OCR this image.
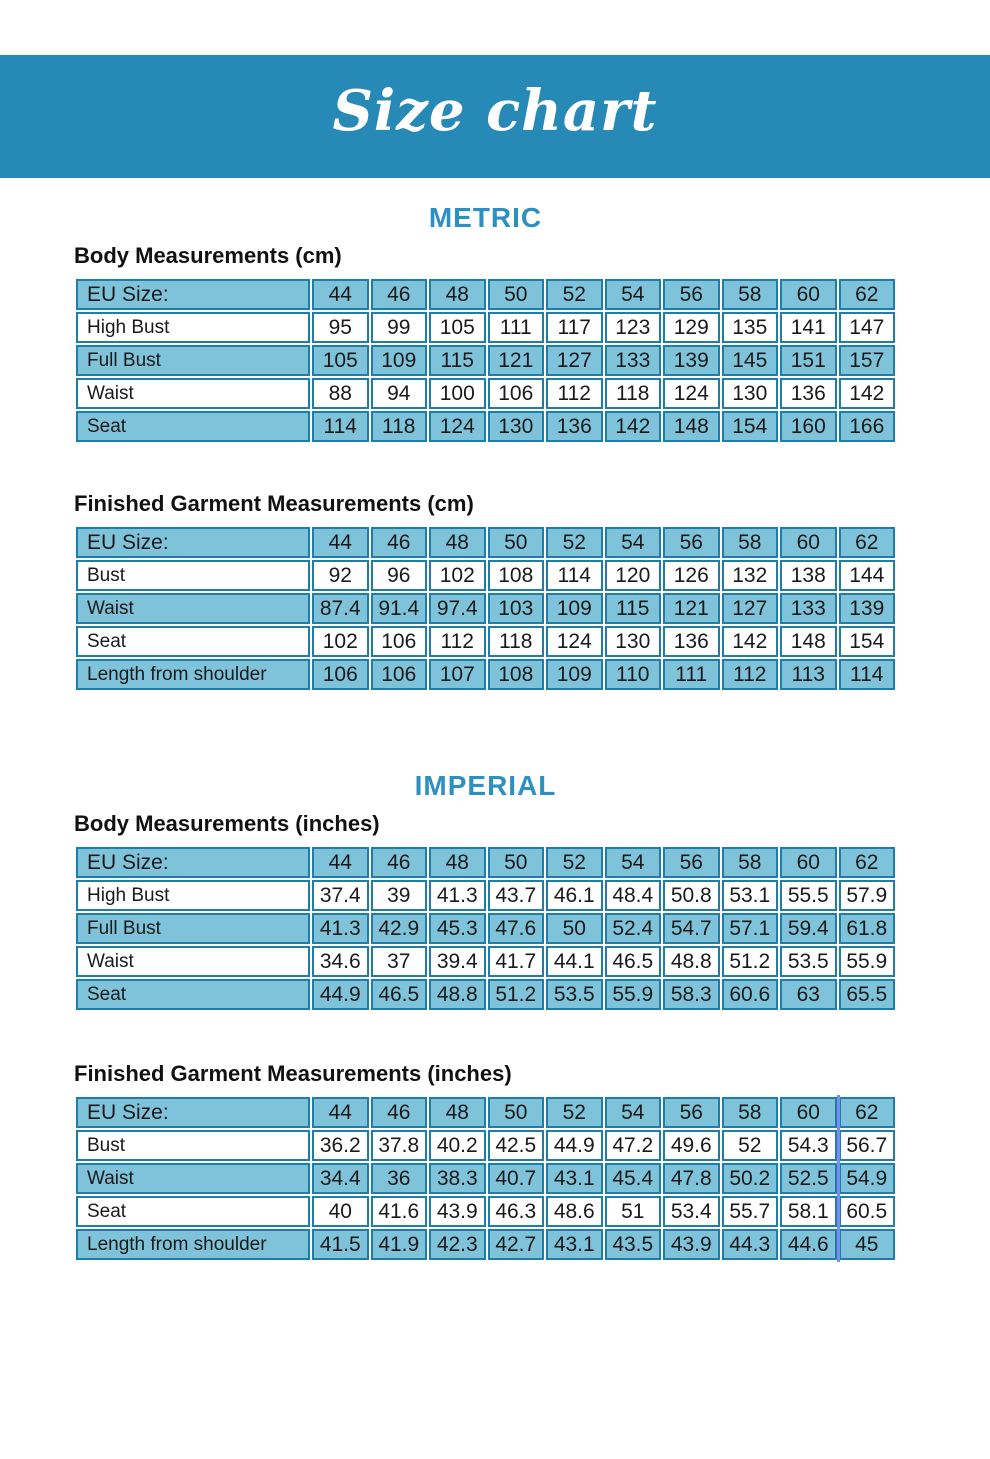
Size chart
METRIC
Body Measurements (cm)
EU Size:	44	46	48	50	52	54	56	58	60	62
High Bust	95	99	105	111	117	123	129	135	141	147
Full Bust	105	109	115	121	127	133	139	145	151	157
Waist	88	94	100	106	112	118	124	130	136	142
Seat	114	118	124	130	136	142	148	154	160	166
Finished Garment Measurements (cm)
EU Size:	44	46	48	50	52	54	56	58	60	62
Bust	92	96	102	108	114	120	126	132	138	144
Waist	87.4	91.4	97.4	103	109	115	121	127	133	139
Seat	102	106	112	118	124	130	136	142	148	154
Length from shoulder	106	106	107	108	109	110	111	112	113	114
IMPERIAL
Body Measurements (inches)
EU Size:	44	46	48	50	52	54	56	58	60	62
High Bust	37.4	39	41.3	43.7	46.1	48.4	50.8	53.1	55.5	57.9
Full Bust	41.3	42.9	45.3	47.6	50	52.4	54.7	57.1	59.4	61.8
Waist	34.6	37	39.4	41.7	44.1	46.5	48.8	51.2	53.5	55.9
Seat	44.9	46.5	48.8	51.2	53.5	55.9	58.3	60.6	63	65.5
Finished Garment Measurements (inches)
EU Size:	44	46	48	50	52	54	56	58	60	62
Bust	36.2	37.8	40.2	42.5	44.9	47.2	49.6	52	54.3	56.7
Waist	34.4	36	38.3	40.7	43.1	45.4	47.8	50.2	52.5	54.9
Seat	40	41.6	43.9	46.3	48.6	51	53.4	55.7	58.1	60.5
Length from shoulder	41.5	41.9	42.3	42.7	43.1	43.5	43.9	44.3	44.6	45
